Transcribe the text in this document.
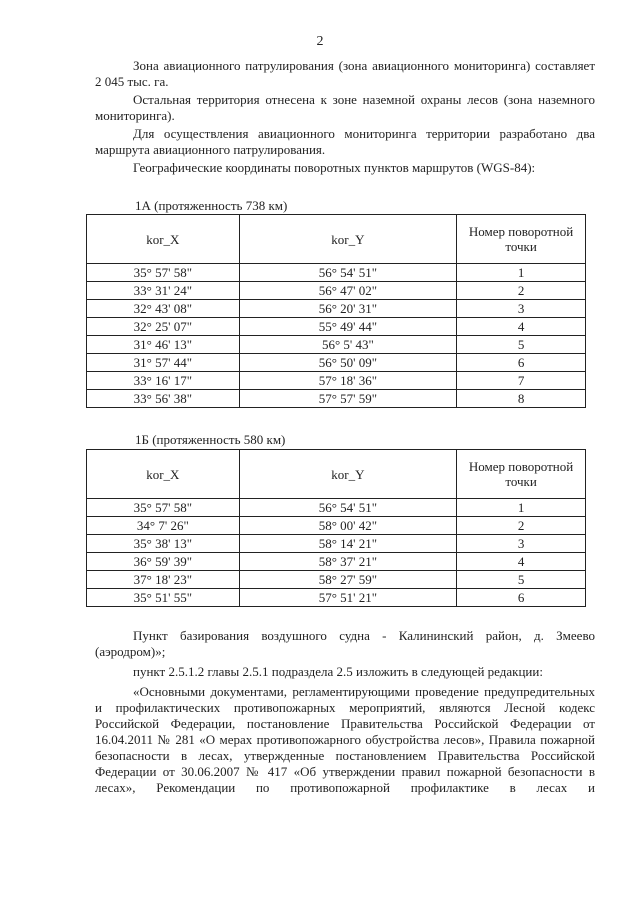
2

Зона авиационного патрулирования (зона авиационного мониторинга) составляет 2 045 тыс. га.

Остальная территория отнесена к зоне наземной охраны лесов (зона наземного мониторинга).

Для осуществления авиационного мониторинга территории разработано два маршрута авиационного патрулирования.

Географические координаты поворотных пунктов маршрутов (WGS-84):

1А (протяженность 738 км)
kor_X	kor_Y	Номер поворотной точки
35° 57' 58"	56° 54' 51"	1
33° 31' 24"	56° 47' 02"	2
32° 43' 08"	56° 20' 31"	3
32° 25' 07"	55° 49' 44"	4
31° 46' 13"	56° 5' 43"	5
31° 57' 44"	56° 50' 09"	6
33° 16' 17"	57° 18' 36"	7
33° 56' 38"	57° 57' 59"	8
1Б (протяженность 580 км)
kor_X	kor_Y	Номер поворотной точки
35° 57' 58"	56° 54' 51"	1
34° 7' 26"	58° 00' 42"	2
35° 38' 13"	58° 14' 21"	3
36° 59' 39"	58° 37' 21"	4
37° 18' 23"	58° 27' 59"	5
35° 51' 55"	57° 51' 21"	6

Пункт базирования воздушного судна - Калининский район, д. Змеево (аэродром)»;

пункт 2.5.1.2 главы 2.5.1 подраздела 2.5 изложить в следующей редакции:

«Основными документами, регламентирующими проведение предупредительных и профилактических противопожарных мероприятий, являются Лесной кодекс Российской Федерации, постановление Правительства Российской Федерации от 16.04.2011 № 281 «О мерах противопожарного обустройства лесов», Правила пожарной безопасности в лесах, утвержденные постановлением Правительства Российской Федерации от 30.06.2007 № 417 «Об утверждении правил пожарной безопасности в лесах», Рекомендации по противопожарной профилактике в лесах и
